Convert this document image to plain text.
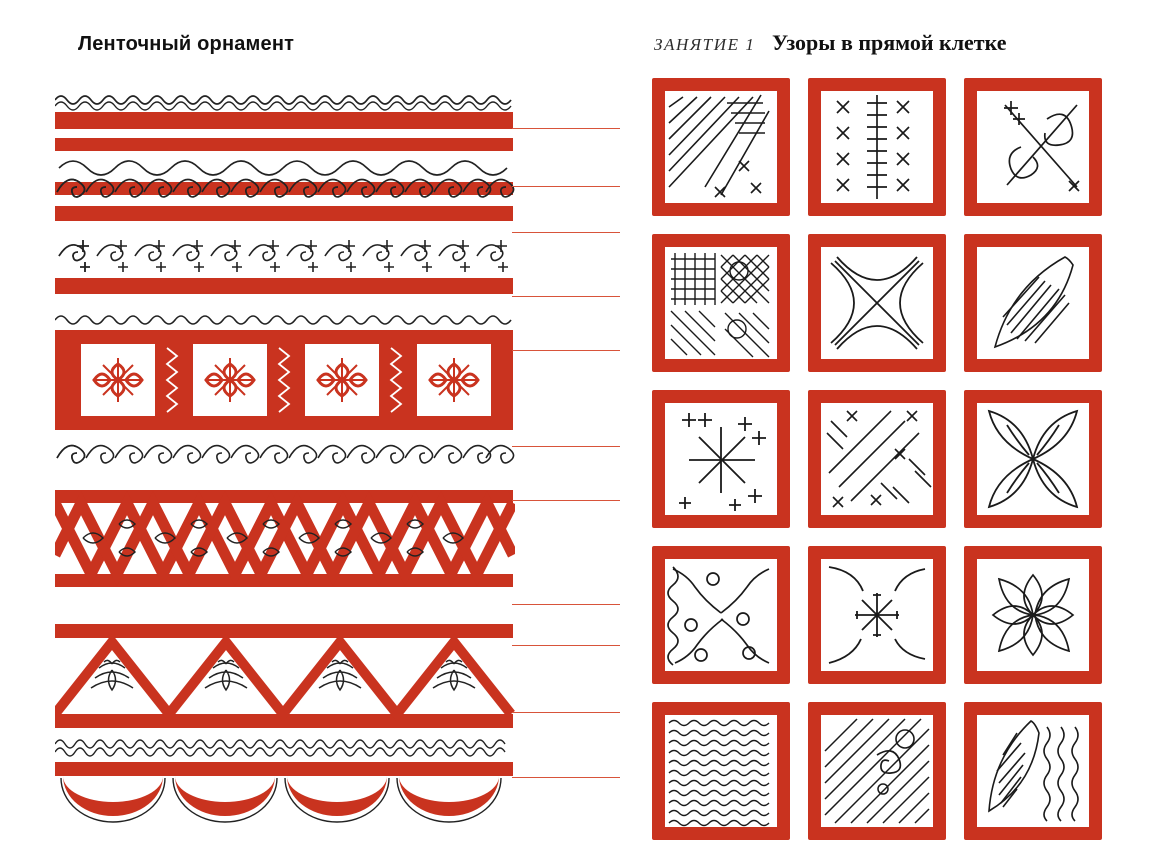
Ленточный орнамент	ЗАНЯТИЕ 1 Узоры в прямой клетке
